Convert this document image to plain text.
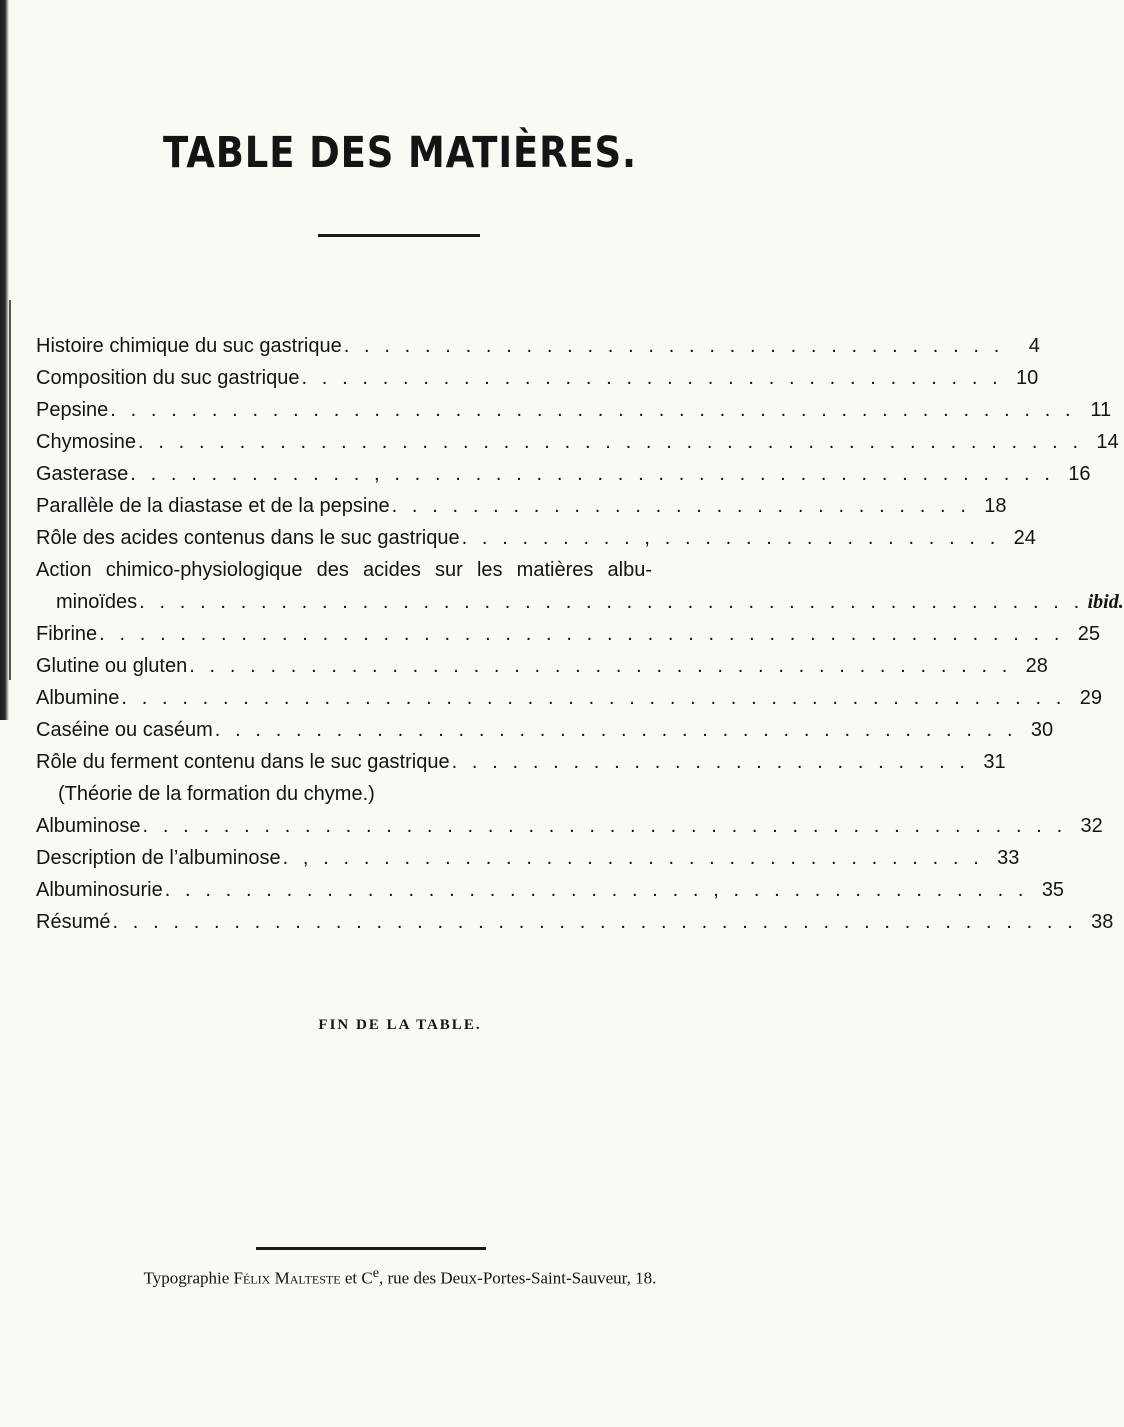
TABLE DES MATIÈRES.
Histoire chimique du suc gastrique . . . . . . . . . . . . . . . . . . . . . . . . . . . . . . . . .	4
Composition du suc gastrique . . . . . . . . . . . . . . . . . . . . . . . . . . . . . . . . . . . 10
Pepsine . . . . . . . . . . . . . . . . . . . . . . . . . . . . . . . . . . . . . . . . . . . . . . . . 11
Chymosine . . . . . . . . . . . . . . . . . . . . . . . . . . . . . . . . . . . . . . . . . . . . . . . 14
Gasterase . . . . . . . . . . . . , . . . . . . . . . . . . . . . . . . . . . . . . . . . . . . . . . 16
Parallèle de la diastase et de la pepsine . . . . . . . . . . . . . . . . . . . . . . . . . . . . . 18
Rôle des acides contenus dans le suc gastrique . . . . . . . . . , . . . . . . . . . . . . . . . . . 24
Action chimico-physiologique des acides sur les matières albu-
minoïdes . . . . . . . . . . . . . . . . . . . . . . . . . . . . . . . . . . . . . . . . . . . . . . . ibid.
Fibrine . . . . . . . . . . . . . . . . . . . . . . . . . . . . . . . . . . . . . . . . . . . . . . . . 25
Glutine ou gluten . . . . . . . . . . . . . . . . . . . . . . . . . . . . . . . . . . . . . . . . . 28
Albumine . . . . . . . . . . . . . . . . . . . . . . . . . . . . . . . . . . . . . . . . . . . . . . . 29
Caséine ou caséum . . . . . . . . . . . . . . . . . . . . . . . . . . . . . . . . . . . . . . . . 30
Rôle du ferment contenu dans le suc gastrique . . . . . . . . . . . . . . . . . . . . . . . . . . 31
(Théorie de la formation du chyme.)
Albuminose . . . . . . . . . . . . . . . . . . . . . . . . . . . . . . . . . . . . . . . . . . . . . . 32
Description de l’albuminose . , . . . . . . . . . . . . . . . . . . . . . . . . . . . . . . . . . 33
Albuminosurie . . . . . . . . . . . . . . . . . . . . . . . . . . . , . . . . . . . . . . . . . . . 35
Résumé . . . . . . . . . . . . . . . . . . . . . . . . . . . . . . . . . . . . . . . . . . . . . . . . 38
FIN DE LA TABLE.
Typographie Félix Malteste et Ce, rue des Deux-Portes-Saint-Sauveur, 18.
